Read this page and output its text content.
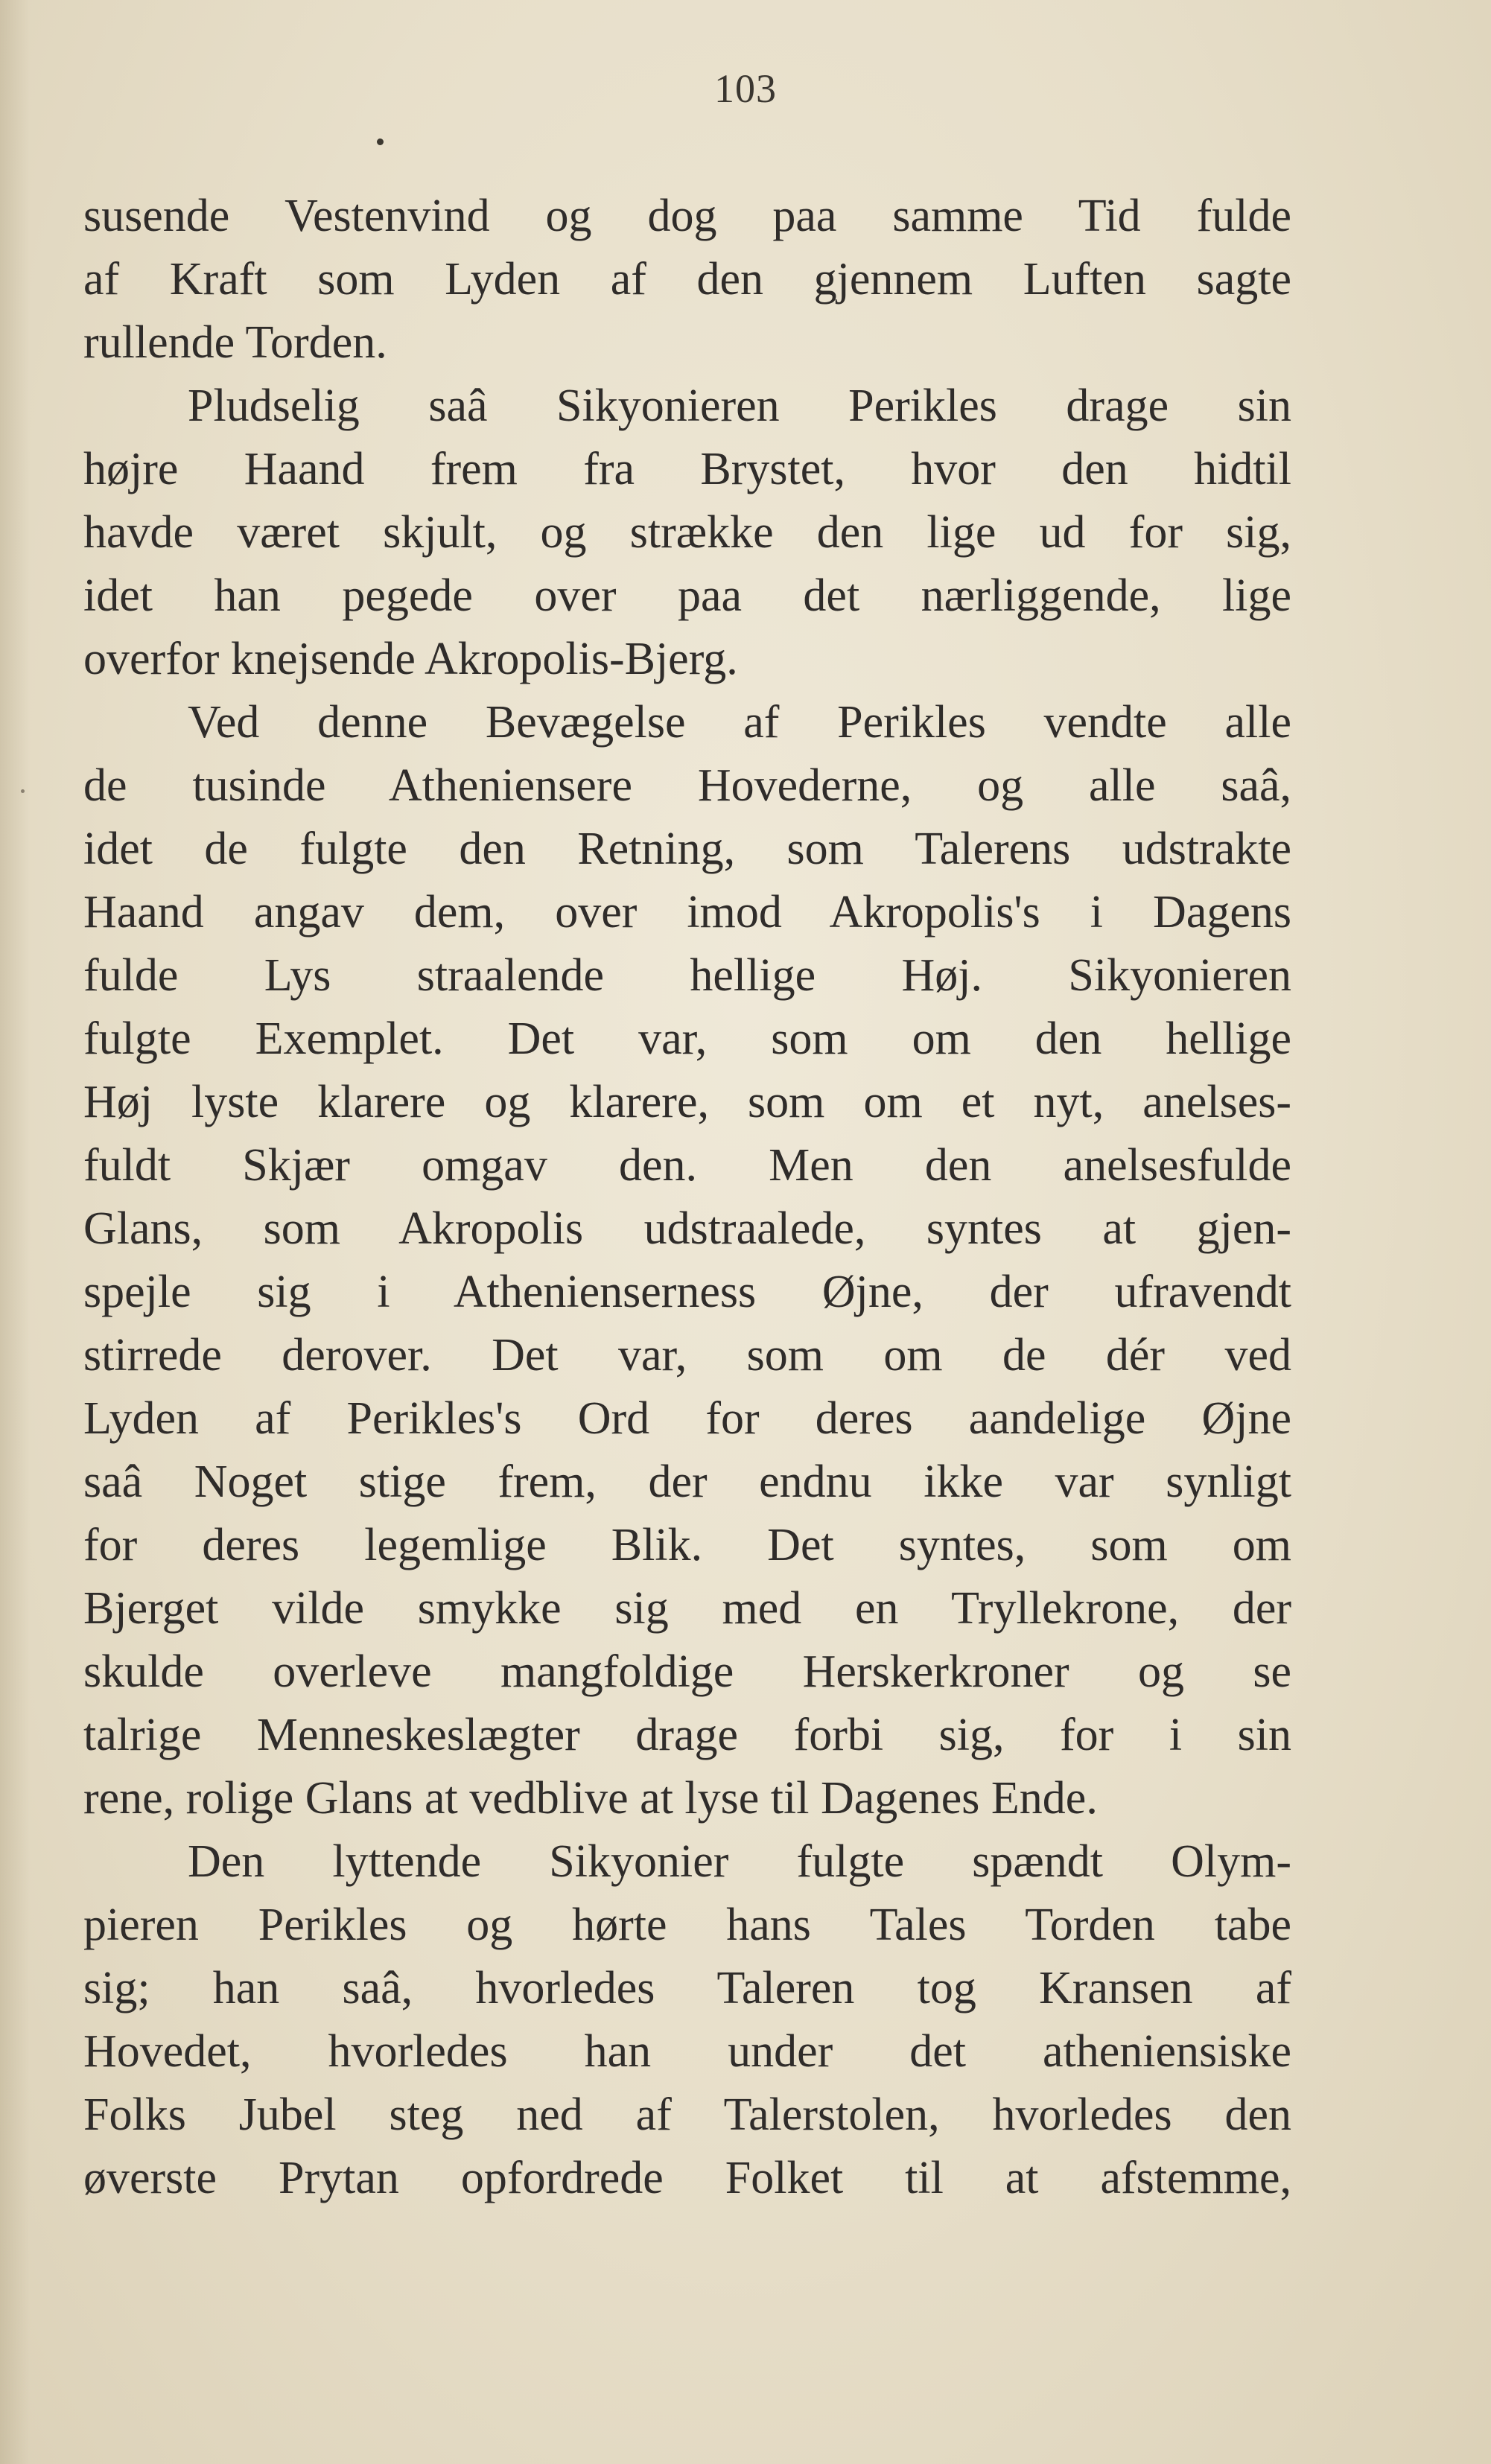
103
susende Vestenvind og dog paa samme Tid fulde
af Kraft som Lyden af den gjennem Luften sagte
rullende Torden.
Pludselig saâ Sikyonieren Perikles drage sin
højre Haand frem fra Brystet, hvor den hidtil
havde været skjult, og strække den lige ud for sig,
idet han pegede over paa det nærliggende, lige
overfor knejsende Akropolis-Bjerg.
Ved denne Bevægelse af Perikles vendte alle
de tusinde Atheniensere Hovederne, og alle saâ,
idet de fulgte den Retning, som Talerens udstrakte
Haand angav dem, over imod Akropolis's i Dagens
fulde Lys straalende hellige Høj. Sikyonieren
fulgte Exemplet. Det var, som om den hellige
Høj lyste klarere og klarere, som om et nyt, anelses-
fuldt Skjær omgav den. Men den anelsesfulde
Glans, som Akropolis udstraalede, syntes at gjen-
spejle sig i Athenienserness Øjne, der ufravendt
stirrede derover. Det var, som om de dér ved
Lyden af Perikles's Ord for deres aandelige Øjne
saâ Noget stige frem, der endnu ikke var synligt
for deres legemlige Blik. Det syntes, som om
Bjerget vilde smykke sig med en Tryllekrone, der
skulde overleve mangfoldige Herskerkroner og se
talrige Menneskeslægter drage forbi sig, for i sin
rene, rolige Glans at vedblive at lyse til Dagenes Ende.
Den lyttende Sikyonier fulgte spændt Olym-
pieren Perikles og hørte hans Tales Torden tabe
sig; han saâ, hvorledes Taleren tog Kransen af
Hovedet, hvorledes han under det atheniensiske
Folks Jubel steg ned af Talerstolen, hvorledes den
øverste Prytan opfordrede Folket til at afstemme,
